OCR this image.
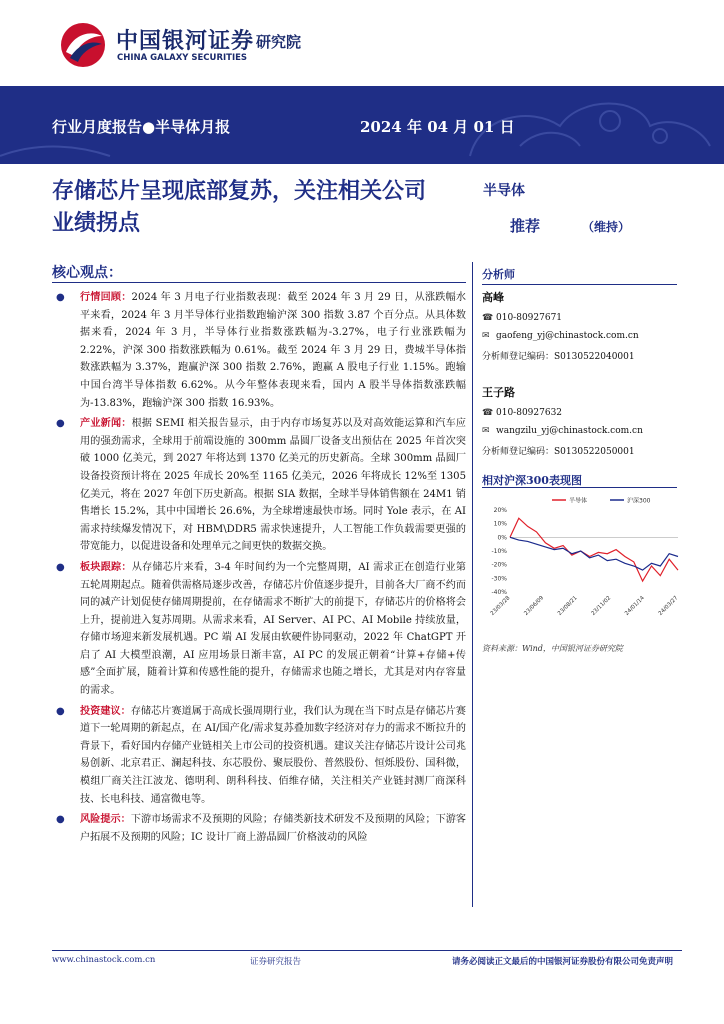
中国银河证券
CHINA GALAXY SECURITIES
研究院
行业月度报告●半导体月报	2024 年 04 月 01 日
存储芯片呈现底部复苏，关注相关公司
业绩拐点
半导体
推荐	（维持）
核心观点：
● 行情回顾：2024 年 3 月电子行业指数表现：截至 2024 年 3 月 29 日，从涨跌幅水平来看，2024 年 3 月半导体行业指数跑输沪深 300 指数 3.87 个百分点。从具体数据来看，2024 年 3 月，半导体行业指数涨跌幅为-3.27%，电子行业涨跌幅为 2.22%，沪深 300 指数涨跌幅为 0.61%。截至 2024 年 3 月 29 日，费城半导体指数涨跌幅为 3.37%，跑赢沪深 300 指数 2.76%，跑赢 A 股电子行业 1.15%。跑输中国台湾半导体指数 6.62%。从今年整体表现来看，国内 A 股半导体指数涨跌幅为-13.83%，跑输沪深 300 指数 16.93%。
● 产业新闻：根据 SEMI 相关报告显示，由于内存市场复苏以及对高效能运算和汽车应用的强劲需求，全球用于前端设施的 300mm 晶圆厂设备支出预估在 2025 年首次突破 1000 亿美元，到 2027 年将达到 1370 亿美元的历史新高。全球 300mm 晶圆厂设备投资预计将在 2025 年成长 20%至 1165 亿美元，2026 年将成长 12%至 1305 亿美元，将在 2027 年创下历史新高。根据 SIA 数据，全球半导体销售额在 24M1 销售增长 15.2%，其中中国增长 26.6%，为全球增速最快市场。同时 Yole 表示，在 AI 需求持续爆发情况下，对 HBM\DDR5 需求快速提升，人工智能工作负载需要更强的带宽能力，以促进设备和处理单元之间更快的数据交换。
● 板块跟踪：从存储芯片来看，3-4 年时间约为一个完整周期，AI 需求正在创造行业第五轮周期起点。随着供需格局逐步改善，存储芯片价值逐步提升，目前各大厂商不约而同的减产计划促使存储周期提前，在存储需求不断扩大的前提下，存储芯片的价格将会上升，提前进入复苏周期。从需求来看，AI Server、AI PC、AI Mobile 持续放量，存储市场迎来新发展机遇。PC 端 AI 发展由软硬件协同驱动，2022 年 ChatGPT 开启了 AI 大模型浪潮，AI 应用场景日渐丰富，AI PC 的发展正朝着“计算+存储+传感”全面扩展，随着计算和传感性能的提升，存储需求也随之增长，尤其是对内存容量的需求。
● 投资建议：存储芯片赛道属于高成长强周期行业，我们认为现在当下时点是存储芯片赛道下一轮周期的新起点，在 AI/国产化/需求复苏叠加数字经济对存力的需求不断拉升的背景下，看好国内存储产业链相关上市公司的投资机遇。建议关注存储芯片设计公司兆易创新、北京君正、澜起科技、东芯股份、聚辰股份、普然股份、恒烁股份、国科微，模组厂商关注江波龙、德明利、朗科科技、佰维存储，关注相关产业链封测厂商深科技、长电科技、通富微电等。
● 风险提示：下游市场需求不及预期的风险；存储类新技术研发不及预期的风险；下游客户拓展不及预期的风险；IC 设计厂商上游晶圆厂价格波动的风险
分析师
高峰
☎ 010-80927671
✉ gaofeng_yj@chinastock.com.cn
分析师登记编码：S0130522040001
王子路
☎ 010-80927632
✉ wangzilu_yj@chinastock.com.cn
分析师登记编码：S0130522050001
相对沪深300表现图
半导体	沪深300
20%
10%
0%
-10%
-20%
-30%
-40%
23/03/28 23/06/09 23/08/21 23/11/02 24/01/14 24/03/27
资料来源：Wind，中国银河证券研究院
www.chinastock.com.cn	证券研究报告	请务必阅读正文最后的中国银河证券股份有限公司免责声明
